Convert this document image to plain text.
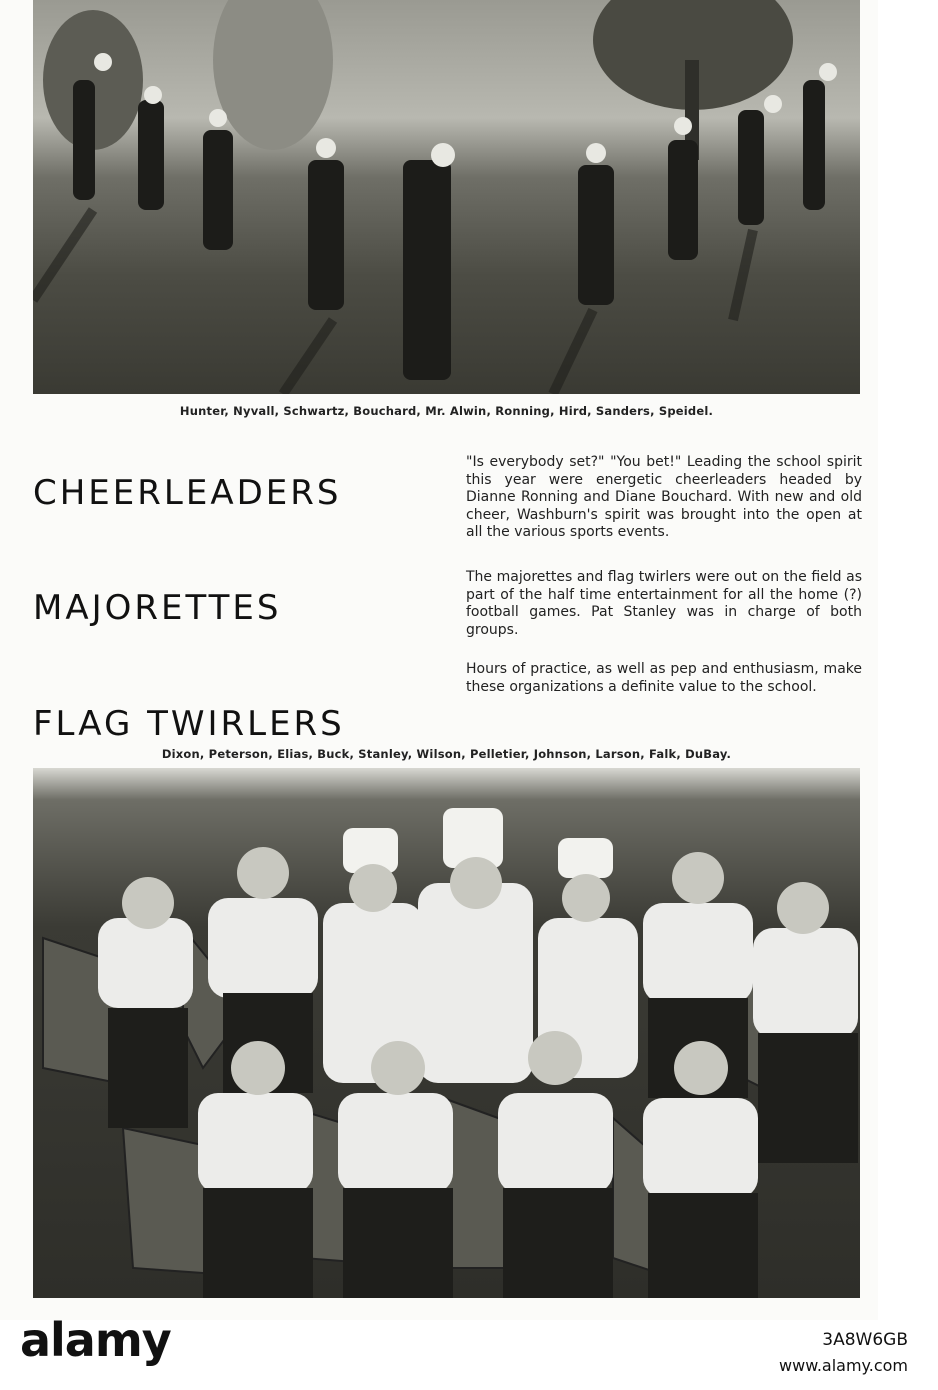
Hunter, Nyvall, Schwartz, Bouchard, Mr. Alwin, Ronning, Hird, Sanders, Speidel.
CHEERLEADERS
MAJORETTES
FLAG TWIRLERS

"Is everybody set?" "You bet!" Leading the school spirit this year were energetic cheerleaders headed by Dianne Ronning and Diane Bouchard. With new and old cheer, Washburn's spirit was brought into the open at all the various sports events.

The majorettes and flag twirlers were out on the field as part of the half time entertainment for all the home (?) football games. Pat Stanley was in charge of both groups.

Hours of practice, as well as pep and enthusiasm, make these organizations a definite value to the school.

Dixon, Peterson, Elias, Buck, Stanley, Wilson, Pelletier, Johnson, Larson, Falk, DuBay.
alamy	3A8W6GB
www.alamy.com
